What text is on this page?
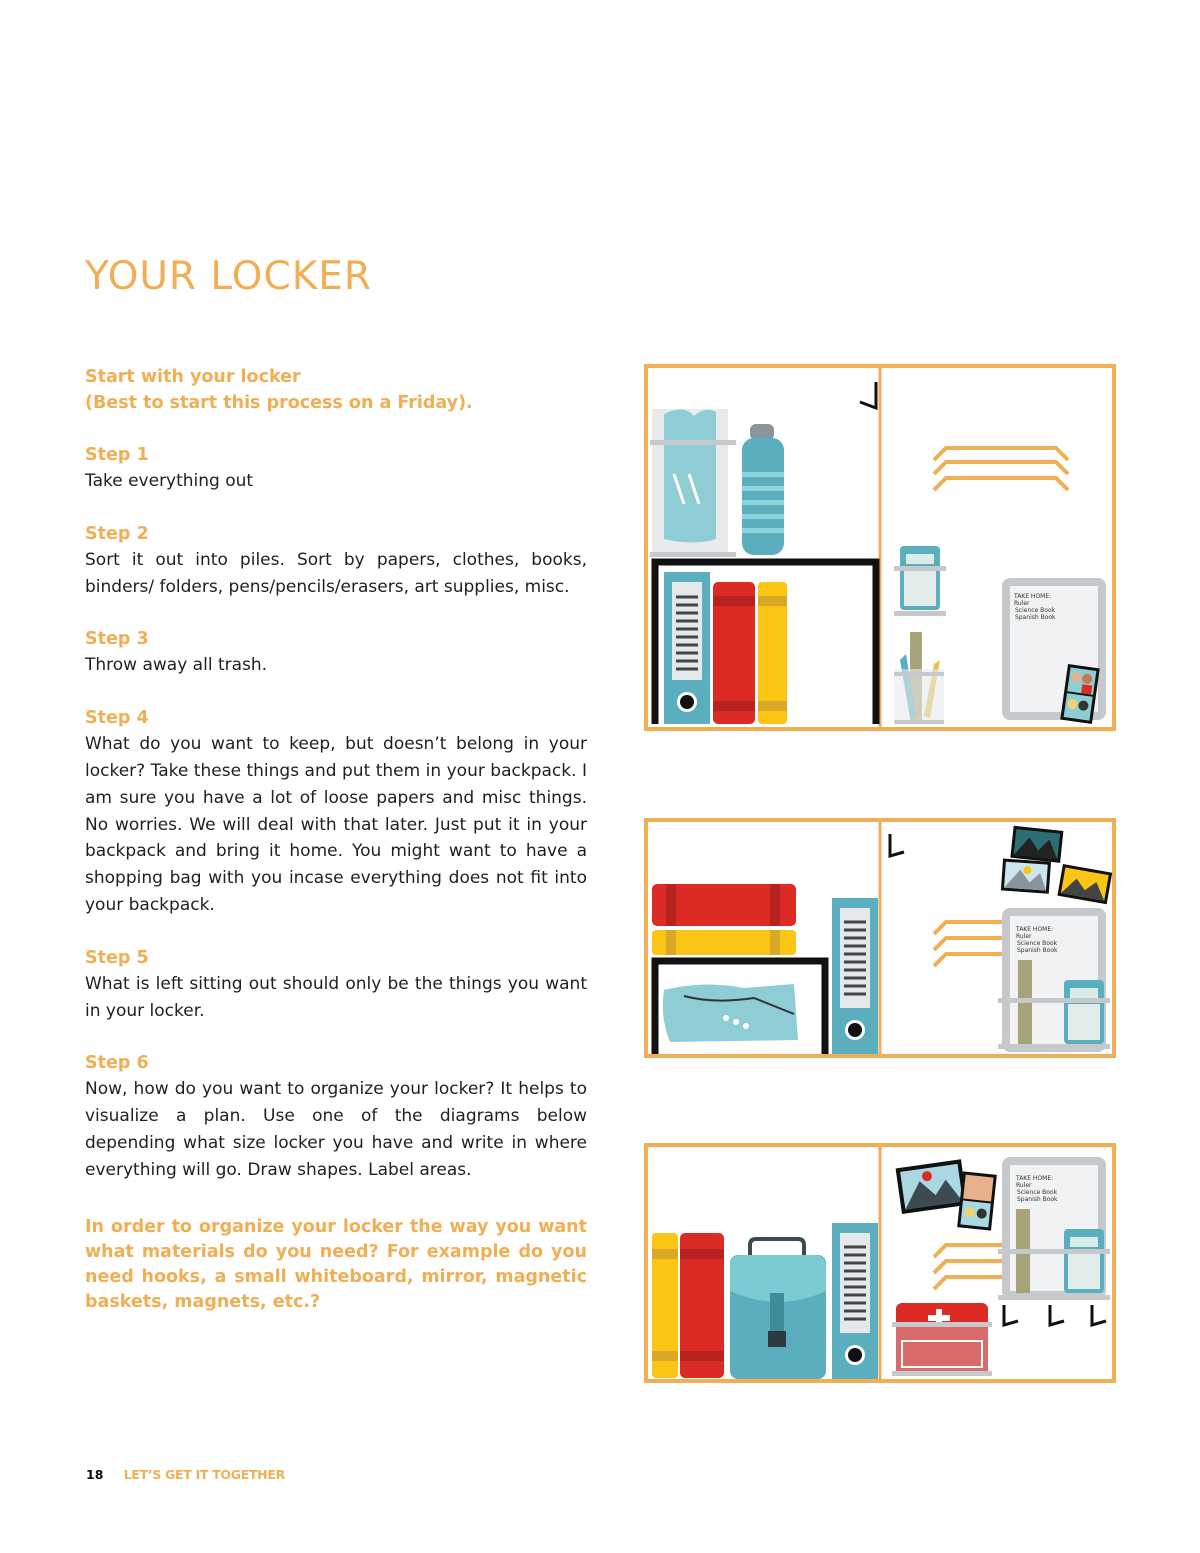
YOUR LOCKER

Start with your locker

(Best to start this process on a Friday).

Step 1

Take everything out

Step 2

Sort it out into piles. Sort by papers, clothes, books, binders/ folders, pens/pencils/erasers, art supplies, misc.

Step 3

Throw away all trash.

Step 4

What do you want to keep, but doesn’t belong in your locker? Take these things and put them in your backpack. I am sure you have a lot of loose papers and misc things. No worries. We will deal with that later. Just put it in your backpack and bring it home. You might want to have a shopping bag with you incase everything does not fit into your backpack.

Step 5

What is left sitting out should only be the things you want in your locker.

Step 6

Now, how do you want to organize your locker? It helps to visualize a plan. Use one of the diagrams below depending what size locker you have and write in where everything will go. Draw shapes. Label areas.

In order to organize your locker the way you want what materials do you need? For example do you need hooks, a small whiteboard, mirror, magnetic baskets, magnets, etc.?

TAKE HOME:
Ruler
Science Book
Spanish Book
TAKE HOME:
Ruler
Science Book
Spanish Book
TAKE HOME:
Ruler
Science Book
Spanish Book
18 LET’S GET IT TOGETHER
